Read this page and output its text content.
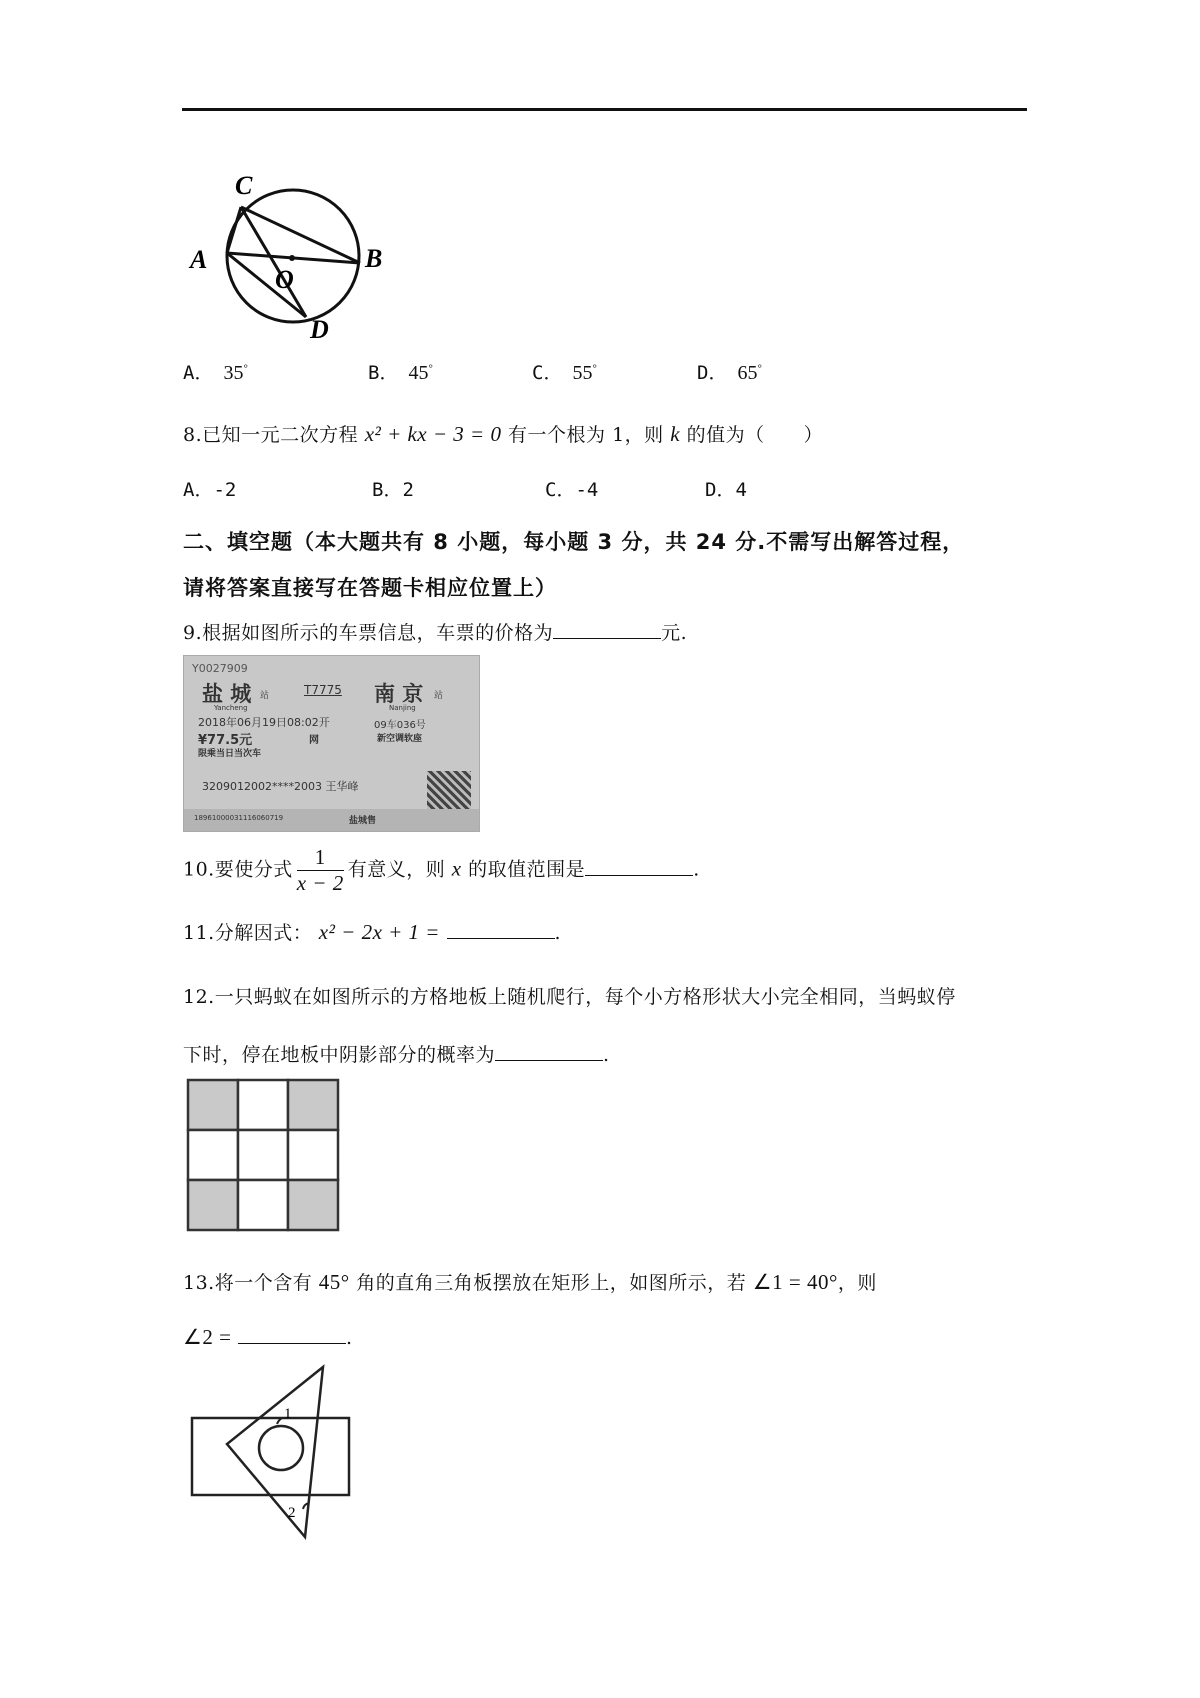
C
A
O
B
D
A． 35°	B． 45°	C． 55°	D． 65°
8.已知一元二次方程 x² + kx − 3 = 0 有一个根为 1，则 k 的值为（　　）
A．-2	B．2	C．-4	D．4
二、填空题（本大题共有 8 小题，每小题 3 分，共 24 分.不需写出解答过程，
请将答案直接写在答题卡相应位置上）
9.根据如图所示的车票信息，车票的价格为	元.
Y0027909
盐 城 站	T7775 南 京 站
Yancheng	Nanjing
2018年06月19日08:02开	09车036号
¥77.5元	网	新空调软座
限乘当日当次车
3209012002****2003 王华峰
18961000031116060719	盐城售
10.要使分式 $\frac{1}{x - 2}$ 有意义，则 x 的取值范围是	.
11.分解因式： x² − 2x + 1 =	.
12.一只蚂蚁在如图所示的方格地板上随机爬行，每个小方格形状大小完全相同，当蚂蚁停
下时，停在地板中阴影部分的概率为	.
13.将一个含有 45° 角的直角三角板摆放在矩形上，如图所示，若 ∠1 = 40°，则
∠2 =	.
1
2
